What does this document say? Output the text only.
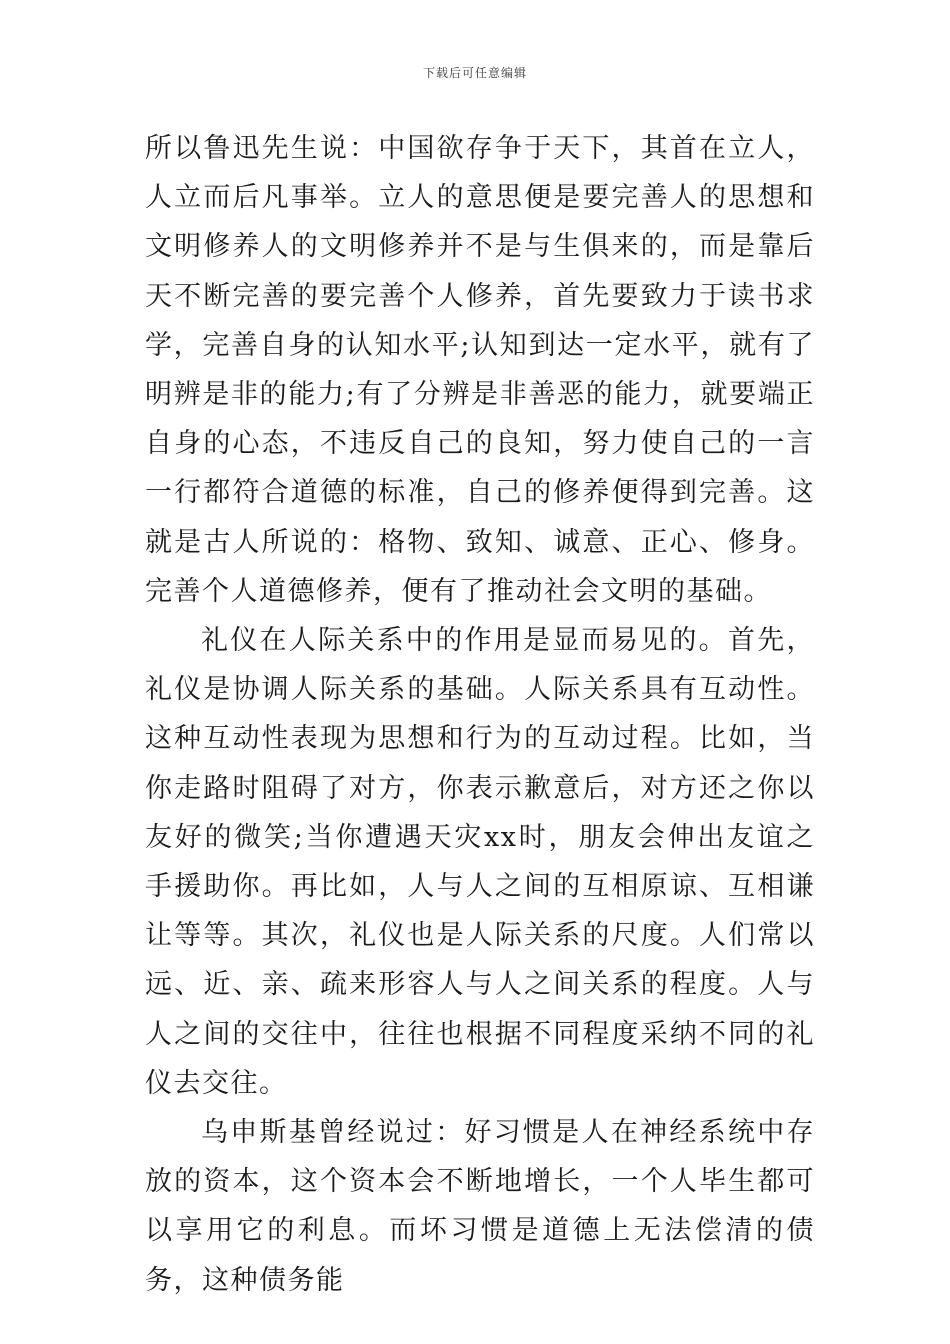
下载后可任意编辑

所以鲁迅先生说：中国欲存争于天下，其首在立人，人立而后凡事举。立人的意思便是要完善人的思想和文明修养人的文明修养并不是与生俱来的，而是靠后天不断完善的要完善个人修养，首先要致力于读书求学，完善自身的认知水平;认知到达一定水平，就有了明辨是非的能力;有了分辨是非善恶的能力，就要端正自身的心态，不违反自己的良知，努力使自己的一言一行都符合道德的标准，自己的修养便得到完善。这就是古人所说的：格物、致知、诚意、正心、修身。完善个人道德修养，便有了推动社会文明的基础。

礼仪在人际关系中的作用是显而易见的。首先，礼仪是协调人际关系的基础。人际关系具有互动性。这种互动性表现为思想和行为的互动过程。比如，当你走路时阻碍了对方，你表示歉意后，对方还之你以友好的微笑;当你遭遇天灾xx时，朋友会伸出友谊之手援助你。再比如，人与人之间的互相原谅、互相谦让等等。其次，礼仪也是人际关系的尺度。人们常以远、近、亲、疏来形容人与人之间关系的程度。人与人之间的交往中，往往也根据不同程度采纳不同的礼仪去交往。

乌申斯基曾经说过：好习惯是人在神经系统中存放的资本，这个资本会不断地增长，一个人毕生都可以享用它的利息。而坏习惯是道德上无法偿清的债务，这种债务能
